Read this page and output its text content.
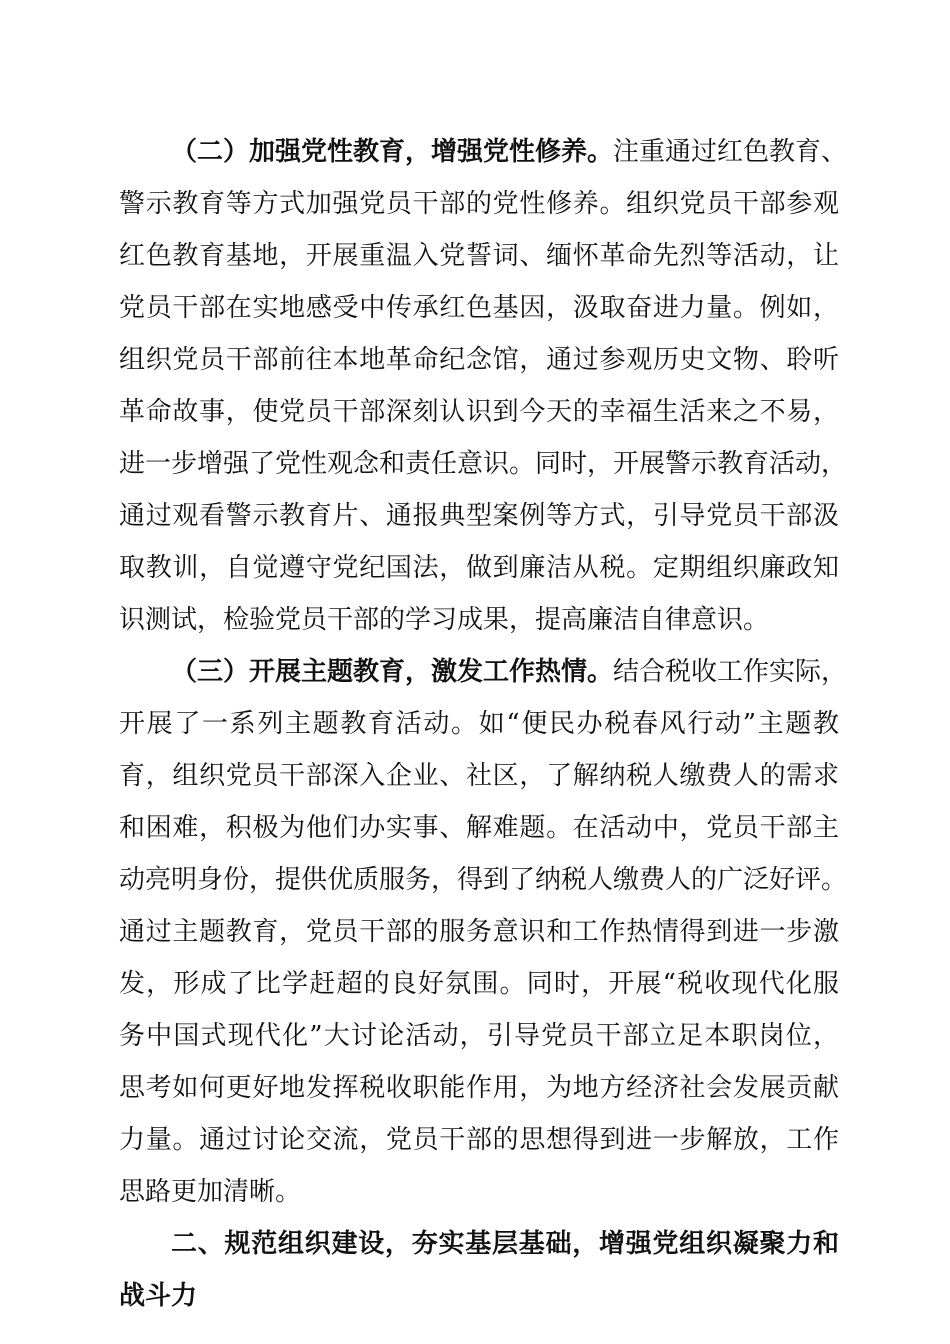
（二）加强党性教育，增强党性修养。注重通过红色教育、
警示教育等方式加强党员干部的党性修养。组织党员干部参观
红色教育基地，开展重温入党誓词、缅怀革命先烈等活动，让
党员干部在实地感受中传承红色基因，汲取奋进力量。例如，
组织党员干部前往本地革命纪念馆，通过参观历史文物、聆听
革命故事，使党员干部深刻认识到今天的幸福生活来之不易，
进一步增强了党性观念和责任意识。同时，开展警示教育活动，
通过观看警示教育片、通报典型案例等方式，引导党员干部汲
取教训，自觉遵守党纪国法，做到廉洁从税。定期组织廉政知
识测试，检验党员干部的学习成果，提高廉洁自律意识。
（三）开展主题教育，激发工作热情。结合税收工作实际，
开展了一系列主题教育活动。如“便民办税春风行动”主题教
育，组织党员干部深入企业、社区，了解纳税人缴费人的需求
和困难，积极为他们办实事、解难题。在活动中，党员干部主
动亮明身份，提供优质服务，得到了纳税人缴费人的广泛好评。
通过主题教育，党员干部的服务意识和工作热情得到进一步激
发，形成了比学赶超的良好氛围。同时，开展“税收现代化服
务中国式现代化”大讨论活动，引导党员干部立足本职岗位，
思考如何更好地发挥税收职能作用，为地方经济社会发展贡献
力量。通过讨论交流，党员干部的思想得到进一步解放，工作
思路更加清晰。
二、规范组织建设，夯实基层基础，增强党组织凝聚力和
战斗力
